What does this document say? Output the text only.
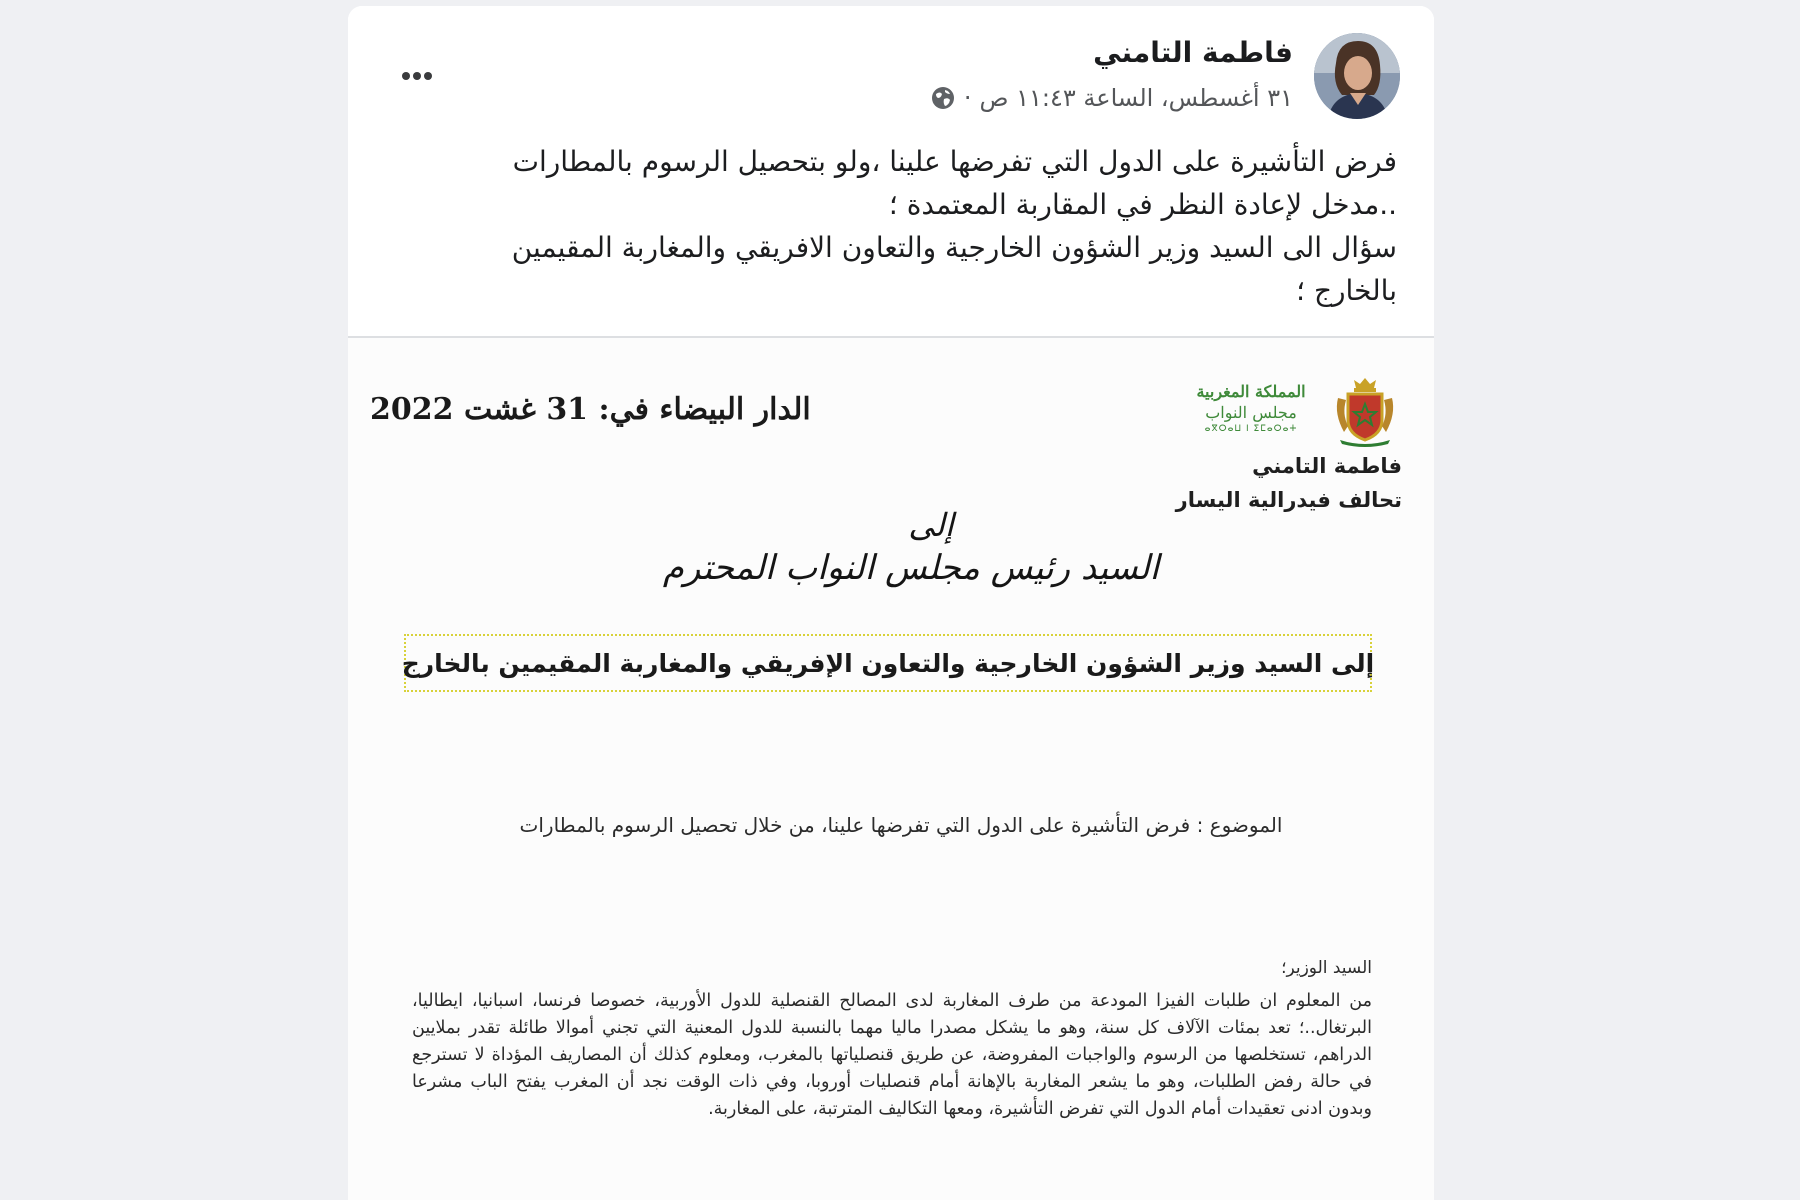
فاطمة التامني
٣١ أغسطس، الساعة ١١:٤٣ ص
·

فرض التأشيرة على الدول التي تفرضها علينا ،ولو بتحصيل الرسوم بالمطارات

..مدخل لإعادة النظر في المقاربة المعتمدة ؛

سؤال الى السيد وزير الشؤون الخارجية والتعاون الافريقي والمغاربة المقيمين

بالخارج ؛

الدار البيضاء في: 31 غشت 2022
المملكة المغربية
مجلس النواب
ⴰⴳⵔⴰⵡ ⵏ ⵉⵎⴰⵔⴰⵜ
فاطمة التامني
تحالف فيدرالية اليسار
إلى
السيد رئيس مجلس النواب المحترم
إلى السيد وزير الشؤون الخارجية والتعاون الإفريقي والمغاربة المقيمين بالخارج
الموضوع : فرض التأشيرة على الدول التي تفرضها علينا، من خلال تحصيل الرسوم بالمطارات
السيد الوزير؛
من المعلوم ان طلبات الفيزا المودعة من طرف المغاربة لدى المصالح القنصلية للدول الأوربية، خصوصا فرنسا، اسبانيا، ايطاليا، البرتغال..؛ تعد بمئات الآلاف كل سنة، وهو ما يشكل مصدرا ماليا مهما بالنسبة للدول المعنية التي تجني أموالا طائلة تقدر بملايين الدراهم، تستخلصها من الرسوم والواجبات المفروضة، عن طريق قنصلياتها بالمغرب، ومعلوم كذلك أن المصاريف المؤداة لا تسترجع في حالة رفض الطلبات، وهو ما يشعر المغاربة بالإهانة أمام قنصليات أوروبا، وفي ذات الوقت نجد أن المغرب يفتح الباب مشرعا وبدون ادنى تعقيدات أمام الدول التي تفرض التأشيرة، ومعها التكاليف المترتبة، على المغاربة.
